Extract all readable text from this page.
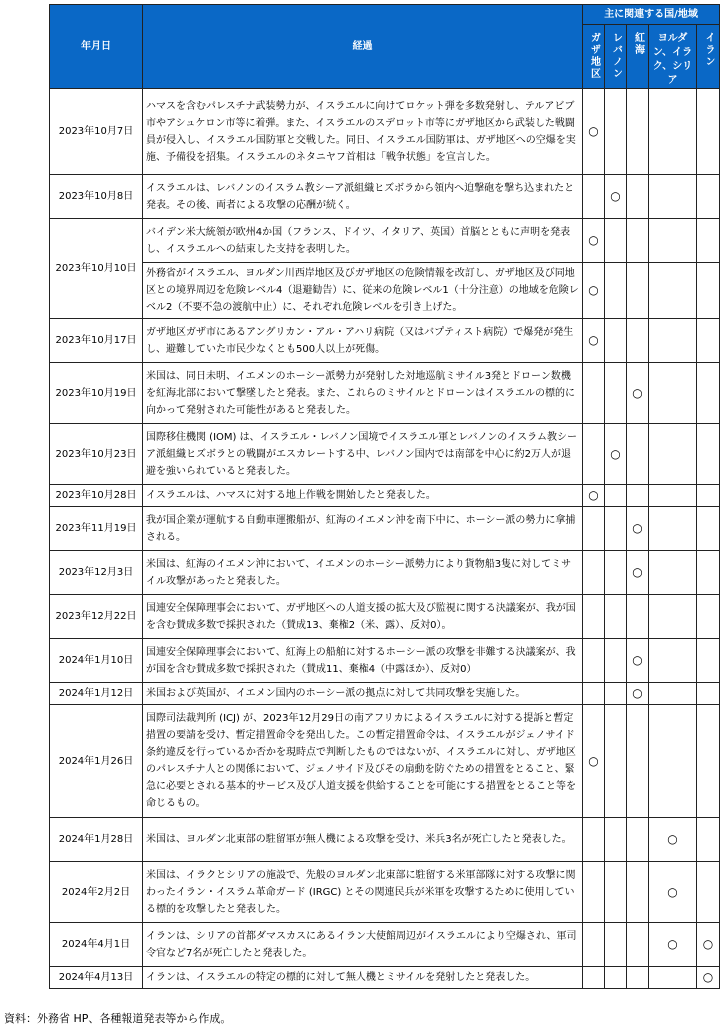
年月日	経過	主に関連する国/地域				
		ガザ地区	レバノン	紅海	ヨルダン、イラク、シリア	イラン
2023年10月7日	ハマスを含むパレスチナ武装勢力が、イスラエルに向けてロケット弾を多数発射し、テルアビブ市やアシュケロン市等に着弾。また、イスラエルのスデロット市等にガザ地区から武装した戦闘員が侵入し、イスラエル国防軍と交戦した。同日、イスラエル国防軍は、ガザ地区への空爆を実施、予備役を招集。イスラエルのネタニヤフ首相は「戦争状態」を宣言した。	○				
2023年10月8日	イスラエルは、レバノンのイスラム教シーア派組織ヒズボラから領内へ迫撃砲を撃ち込まれたと発表。その後、両者による攻撃の応酬が続く。		○			
2023年10月10日	バイデン米大統領が欧州4か国（フランス、ドイツ、イタリア、英国）首脳とともに声明を発表し、イスラエルへの結束した支持を表明した。	○				
	外務省がイスラエル、ヨルダン川西岸地区及びガザ地区の危険情報を改訂し、ガザ地区及び同地区との境界周辺を危険レベル4（退避勧告）に、従来の危険レベル1（十分注意）の地域を危険レベル2（不要不急の渡航中止）に、それぞれ危険レベルを引き上げた。	○				
2023年10月17日	ガザ地区ガザ市にあるアングリカン・アル・アハリ病院（又はバプティスト病院）で爆発が発生し、避難していた市民少なくとも500人以上が死傷。	○				
2023年10月19日	米国は、同日未明、イエメンのホーシー派勢力が発射した対地巡航ミサイル3発とドローン数機を紅海北部において撃墜したと発表。また、これらのミサイルとドローンはイスラエルの標的に向かって発射された可能性があると発表した。			○		
2023年10月23日	国際移住機関 (IOM) は、イスラエル・レバノン国境でイスラエル軍とレバノンのイスラム教シーア派組織ヒズボラとの戦闘がエスカレートする中、レバノン国内では南部を中心に約2万人が退避を強いられていると発表した。		○			
2023年10月28日	イスラエルは、ハマスに対する地上作戦を開始したと発表した。	○				
2023年11月19日	我が国企業が運航する自動車運搬船が、紅海のイエメン沖を南下中に、ホーシー派の勢力に拿捕される。			○		
2023年12月3日	米国は、紅海のイエメン沖において、イエメンのホーシー派勢力により貨物船3隻に対してミサイル攻撃があったと発表した。			○		
2023年12月22日	国連安全保障理事会において、ガザ地区への人道支援の拡大及び監視に関する決議案が、我が国を含む賛成多数で採択された（賛成13、棄権2（米、露）、反対0）。					
2024年1月10日	国連安全保障理事会において、紅海上の船舶に対するホーシー派の攻撃を非難する決議案が、我が国を含む賛成多数で採択された（賛成11、棄権4（中露ほか）、反対0）			○		
2024年1月12日	米国および英国が、イエメン国内のホーシー派の拠点に対して共同攻撃を実施した。			○		
2024年1月26日	国際司法裁判所 (ICJ) が、2023年12月29日の南アフリカによるイスラエルに対する提訴と暫定措置の要請を受け、暫定措置命令を発出した。この暫定措置命令は、イスラエルがジェノサイド条約違反を行っているか否かを現時点で判断したものではないが、イスラエルに対し、ガザ地区のパレスチナ人との関係において、ジェノサイド及びその扇動を防ぐための措置をとること、緊急に必要とされる基本的サービス及び人道支援を供給することを可能にする措置をとること等を命じるもの。	○				
2024年1月28日	米国は、ヨルダン北東部の駐留軍が無人機による攻撃を受け、米兵3名が死亡したと発表した。				○	
2024年2月2日	米国は、イラクとシリアの施設で、先般のヨルダン北東部に駐留する米軍部隊に対する攻撃に関わったイラン・イスラム革命ガード (IRGC) とその関連民兵が米軍を攻撃するために使用している標的を攻撃したと発表した。				○	
2024年4月1日	イランは、シリアの首都ダマスカスにあるイラン大使館周辺がイスラエルにより空爆され、軍司令官など7名が死亡したと発表した。				○	○
2024年4月13日	イランは、イスラエルの特定の標的に対して無人機とミサイルを発射したと発表した。					○
資料：外務省 HP、各種報道発表等から作成。
